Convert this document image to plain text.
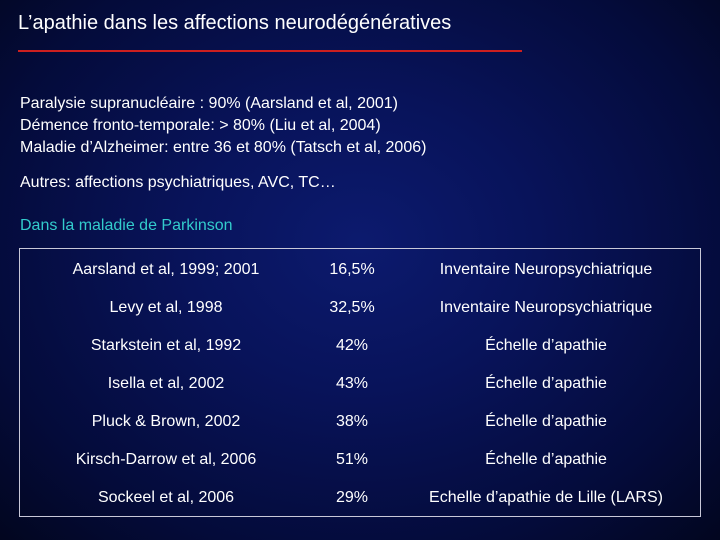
L’apathie dans les affections neurodégénératives
Paralysie supranucléaire : 90% (Aarsland et al, 2001)
Démence fronto-temporale: > 80% (Liu et al, 2004)
Maladie d’Alzheimer: entre 36 et 80% (Tatsch et al, 2006)
Autres: affections psychiatriques, AVC, TC…
Dans la maladie de Parkinson
Aarsland et al, 1999; 2001	16,5%	Inventaire Neuropsychiatrique
Levy et al, 1998	32,5%	Inventaire Neuropsychiatrique
Starkstein et al, 1992	42%	Échelle d’apathie
Isella et al, 2002	43%	Échelle d’apathie
Pluck & Brown, 2002	38%	Échelle d’apathie
Kirsch-Darrow et al, 2006	51%	Échelle d’apathie
Sockeel et al, 2006	29%	Echelle d’apathie de Lille (LARS)
